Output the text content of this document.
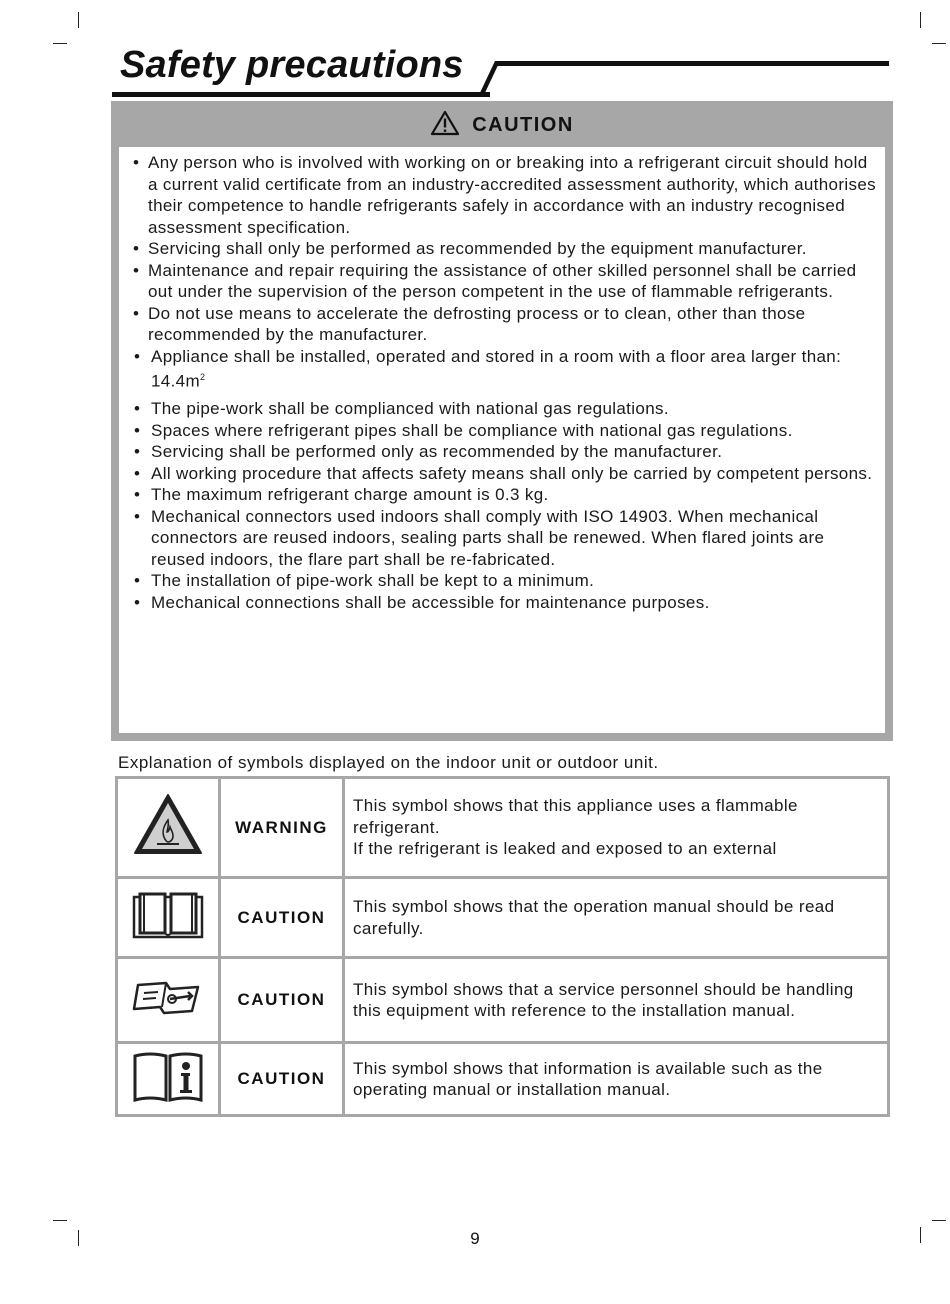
Safety precautions
CAUTION
• Any person who is involved with working on or breaking into a refrigerant circuit should hold a current valid certificate from an industry-accredited assessment authority, which authorises their competence to handle refrigerants safely in accordance with an industry recognised assessment specification.
• Servicing shall only be performed as recommended by the equipment manufacturer.
• Maintenance and repair requiring the assistance of other skilled personnel shall be carried out under the supervision of the person competent in the use of flammable refrigerants.
• Do not use means to accelerate the defrosting process or to clean, other than those recommended by the manufacturer.
• Appliance shall be installed, operated and stored in a room with a floor area larger than: $14.4m^2$
• The pipe-work shall be complianced with national gas regulations.
• Spaces where refrigerant pipes shall be compliance with national gas regulations.
• Servicing shall be performed only as recommended by the manufacturer.
• All working procedure that affects safety means shall only be carried by competent persons.
• The maximum refrigerant charge amount is 0.3 kg.
• Mechanical connectors used indoors shall comply with ISO 14903. When mechanical connectors are reused indoors, sealing parts shall be renewed. When flared joints are reused indoors, the flare part shall be re-fabricated.
• The installation of pipe-work shall be kept to a minimum.
• Mechanical connections shall be accessible for maintenance purposes.
Explanation of symbols displayed on the indoor unit or outdoor unit.
	WARNING	This symbol shows that this appliance uses a flammable refrigerant.
If the refrigerant is leaked and exposed to an external

	CAUTION	This symbol shows that the operation manual should be read carefully.

	CAUTION	This symbol shows that a service personnel should be handling this equipment with reference to the installation manual.

	CAUTION	This symbol shows that information is available such as the operating manual or installation manual.
9
